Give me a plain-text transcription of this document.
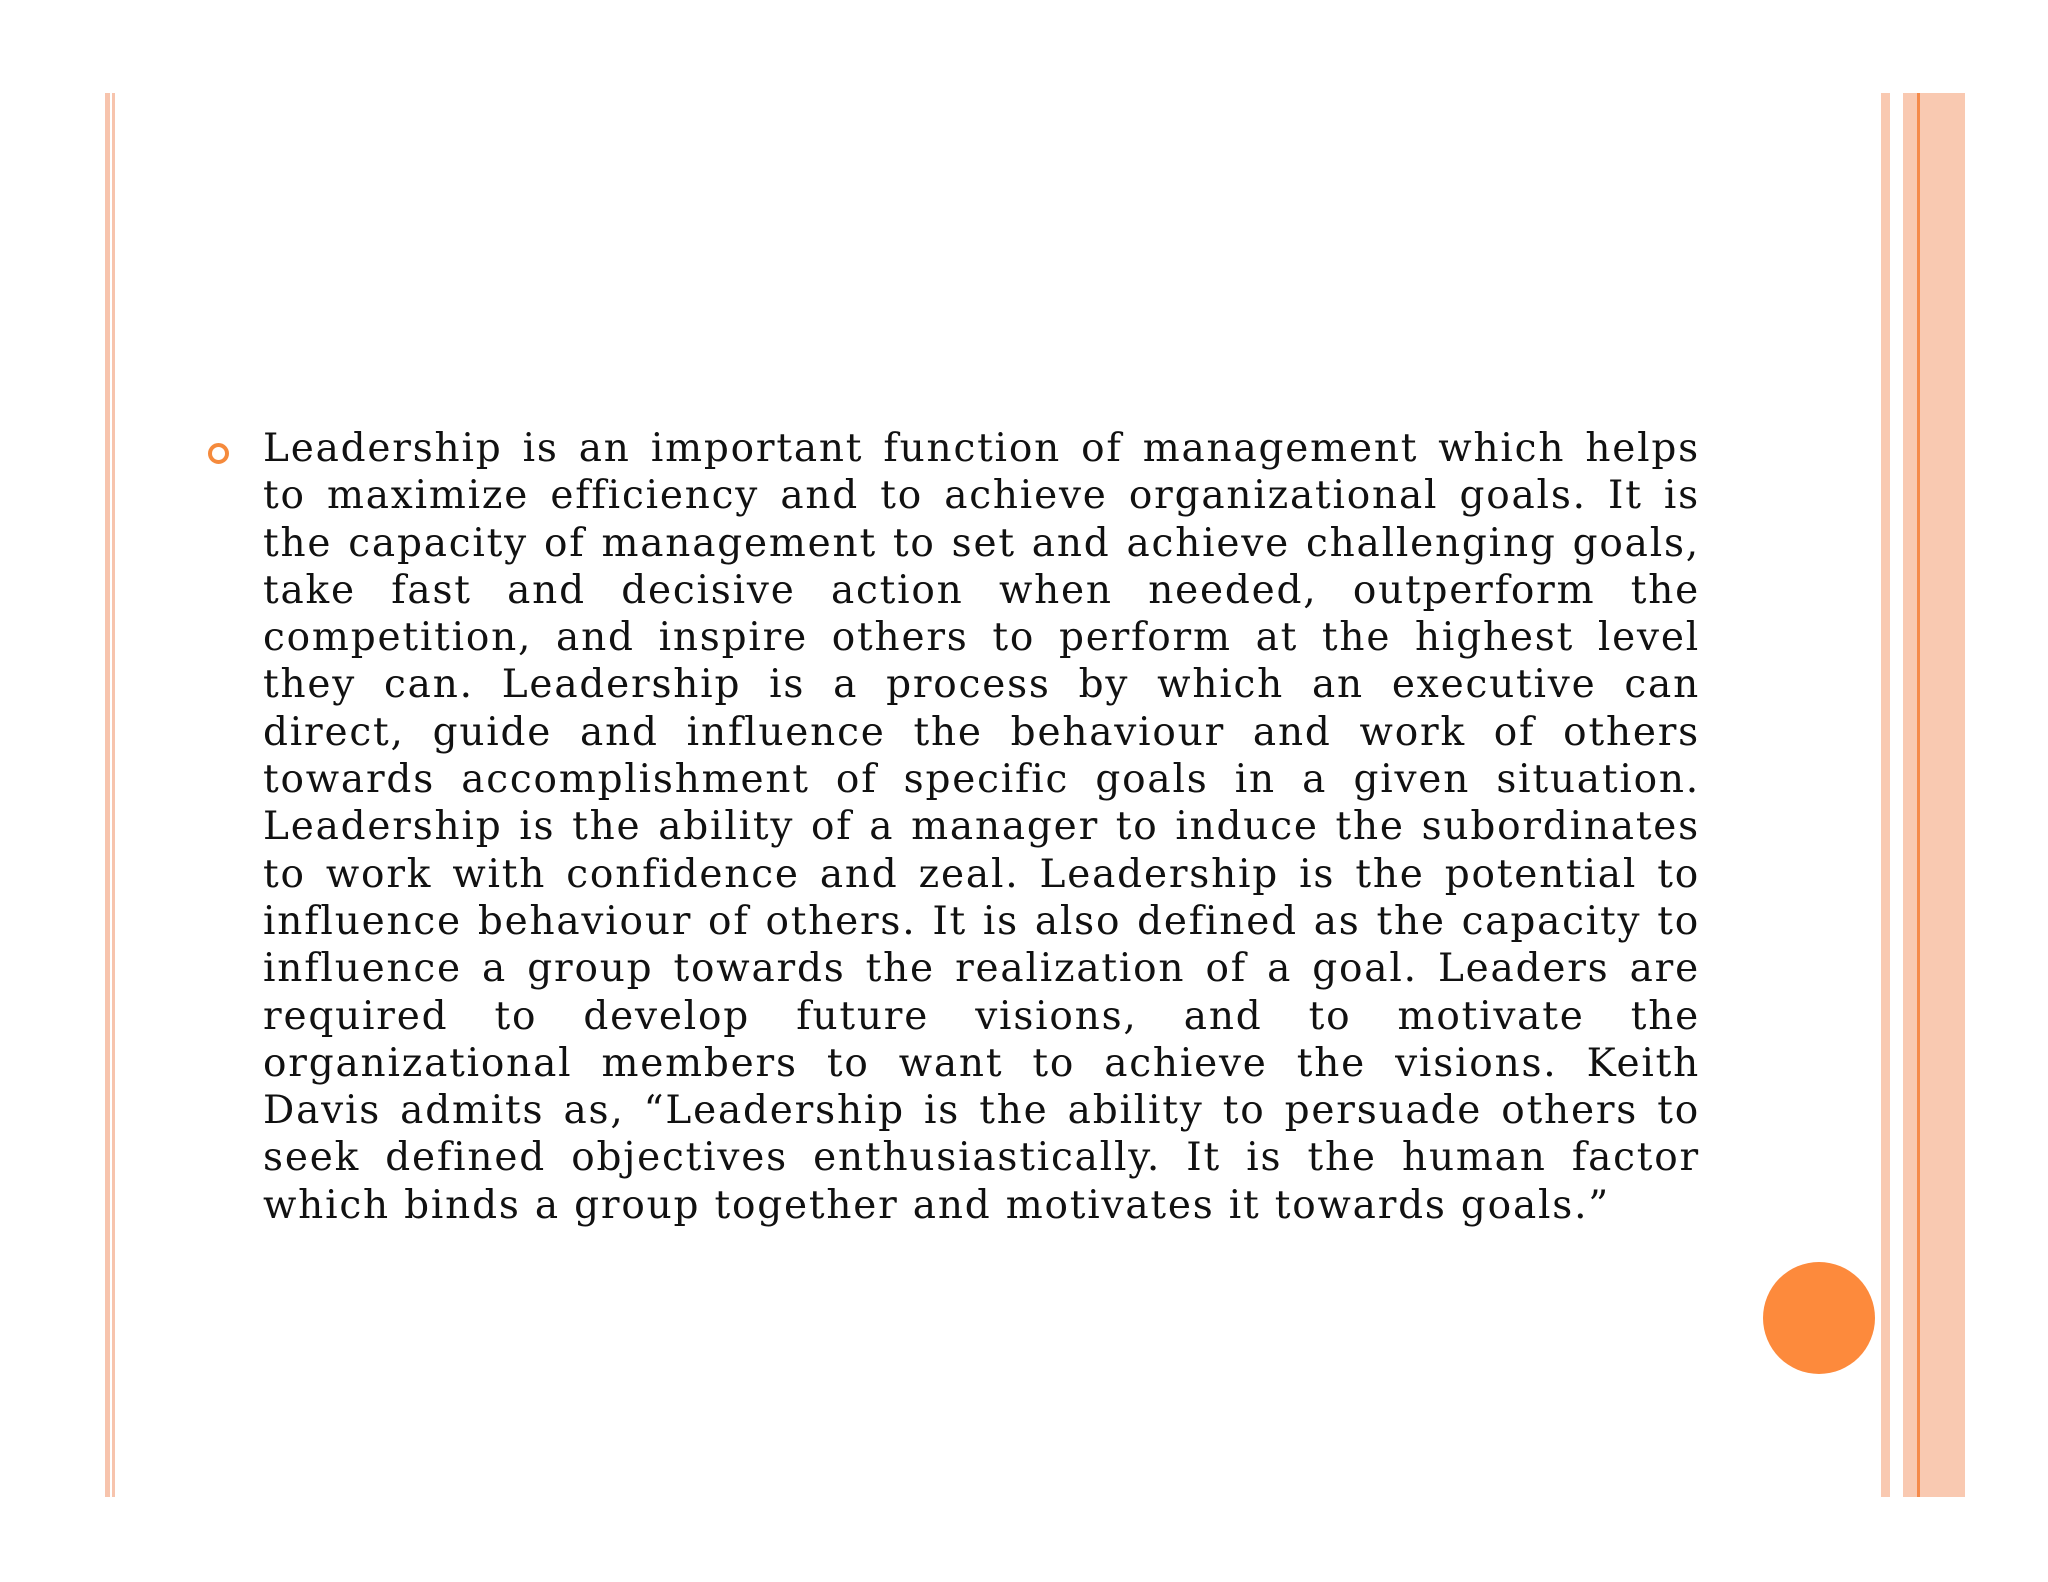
Leadership is an important function of management which helps to maximize efficiency and to achieve organizational goals. It is the capacity of management to set and achieve challenging goals, take fast and decisive action when needed, outperform the competition, and inspire others to perform at the highest level they can. Leadership is a process by which an executive can direct, guide and influence the behaviour and work of others towards accomplishment of specific goals in a given situation. Leadership is the ability of a manager to induce the subordinates to work with confidence and zeal. Leadership is the potential to influence behaviour of others. It is also defined as the capacity to influence a group towards the realization of a goal. Leaders are required to develop future visions, and to motivate the organizational members to want to achieve the visions. Keith Davis admits as, “Leadership is the ability to persuade others to seek defined objectives enthusiastically. It is the human factor which binds a group together and motivates it towards goals.”
